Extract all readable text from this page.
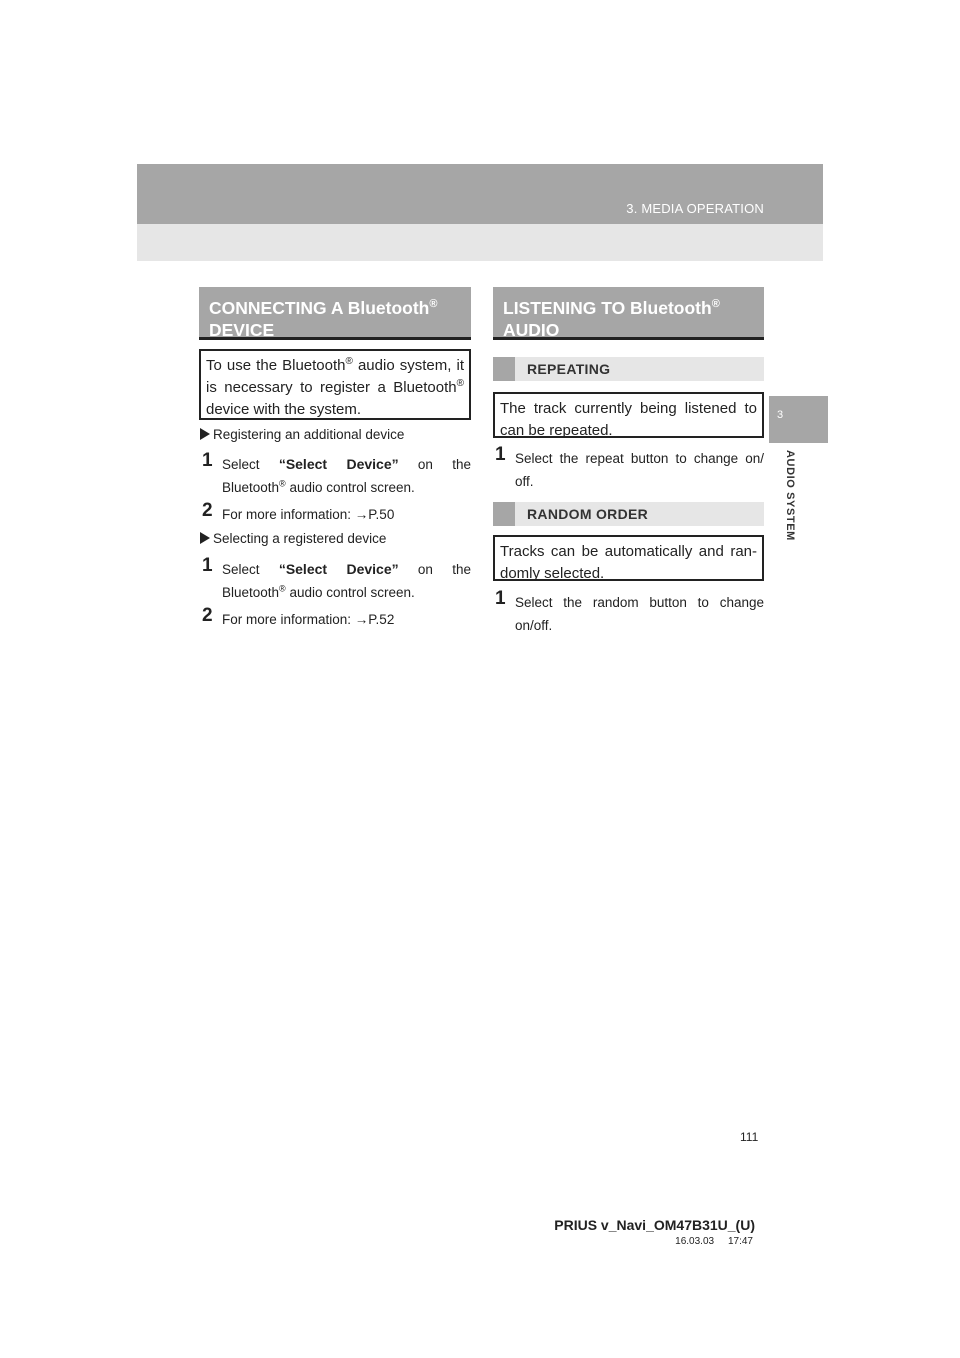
3. MEDIA OPERATION
3
AUDIO SYSTEM
CONNECTING A Bluetooth®
DEVICE
To use the Bluetooth® audio system, it is necessary to register a Bluetooth® device with the system.
Registering an additional device
1 Select “Select Device” on the Bluetooth® audio control screen.
2 For more information: →P.50
Selecting a registered device
1 Select “Select Device” on the Bluetooth® audio control screen.
2 For more information: →P.52
LISTENING TO Bluetooth®
AUDIO
REPEATING
The track currently being listened to can be repeated.
1 Select the repeat button to change on/ off.
RANDOM ORDER
Tracks can be automatically and ran- domly selected.
1 Select the random button to change on/off.
111
PRIUS v_Navi_OM47B31U_(U)
16.03.03     17:47
